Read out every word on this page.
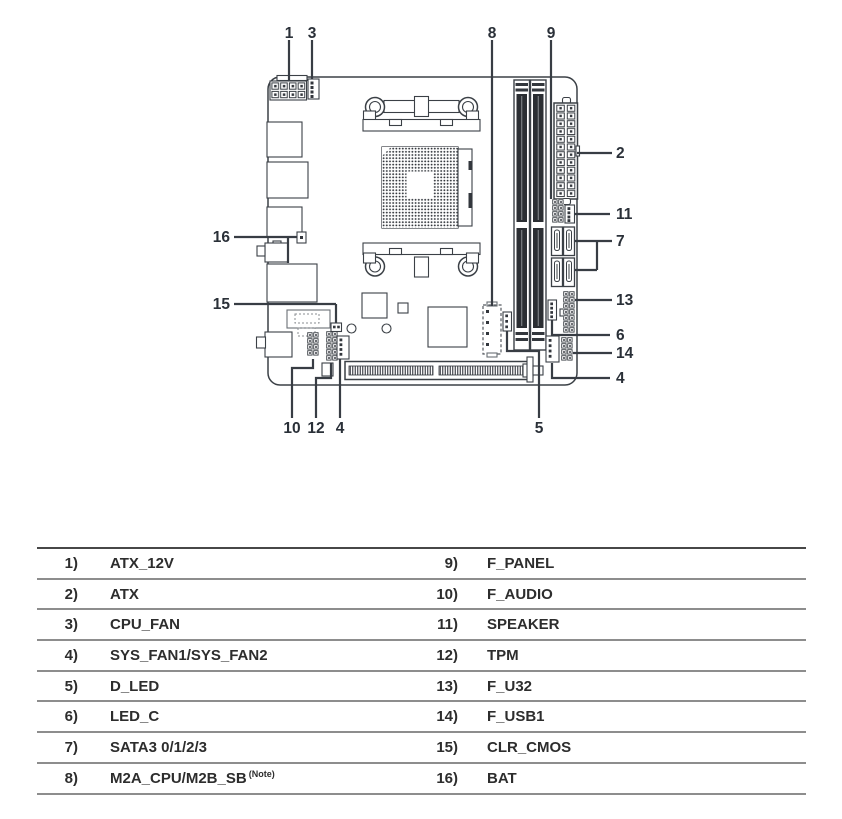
1 3	8	9
2
11
7
13
6
14
4
16
15
10 12 4	5
1)	ATX_12V	9)	F_PANEL
2)	ATX	10)	F_AUDIO
3)	CPU_FAN	11)	SPEAKER
4)	SYS_FAN1/SYS_FAN2	12)	TPM
5)	D_LED	13)	F_U32
6)	LED_C	14)	F_USB1
7)	SATA3 0/1/2/3	15)	CLR_CMOS
8)	M2A_CPU/M2B_SB $^{(Note)}$	16)	BAT
